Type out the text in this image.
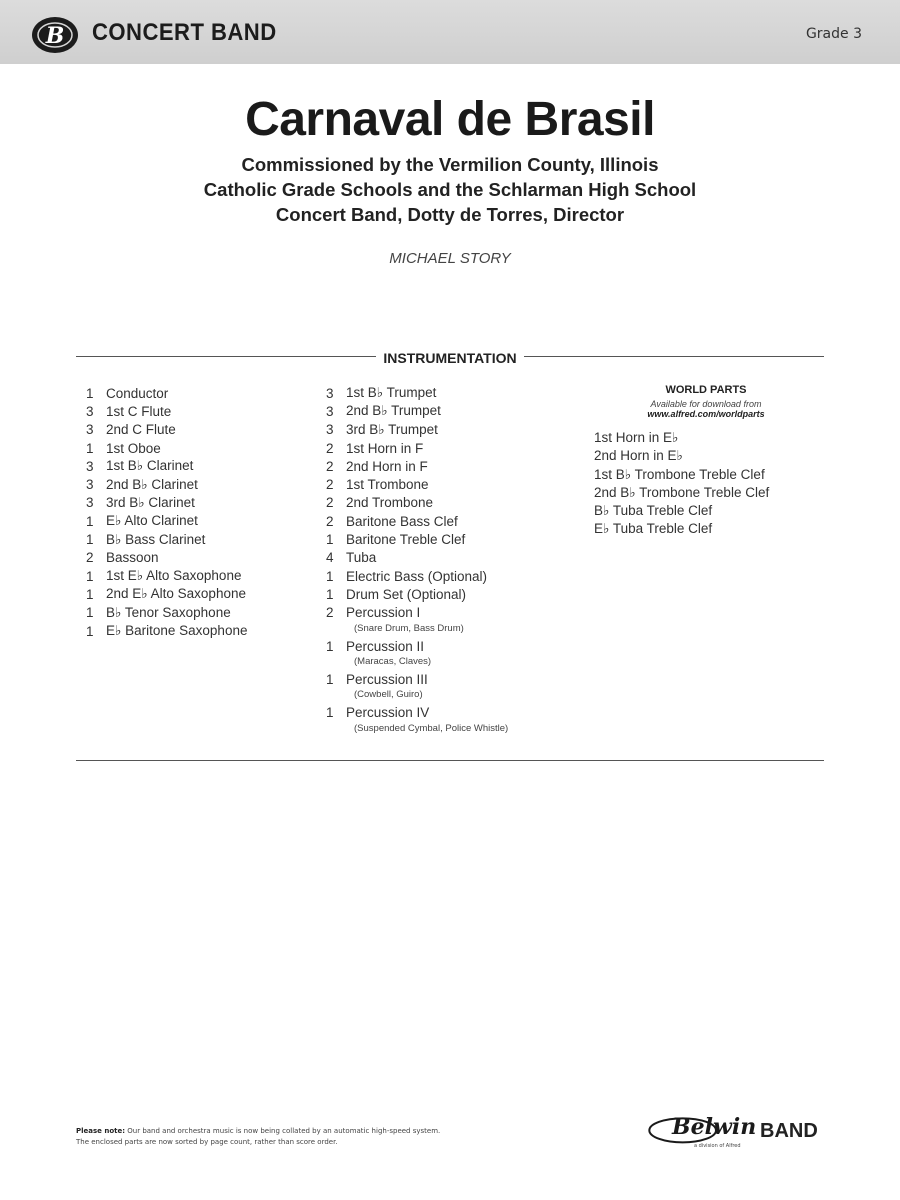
B CONCERT BAND	Grade 3
Carnaval de Brasil
Commissioned by the Vermilion County, Illinois
Catholic Grade Schools and the Schlarman High School
Concert Band, Dotty de Torres, Director
MICHAEL STORY
INSTRUMENTATION
1 Conductor
3 1st C Flute
3 2nd C Flute
1 1st Oboe
3 1st B♭ Clarinet
3 2nd B♭ Clarinet
3 3rd B♭ Clarinet
1 E♭ Alto Clarinet
1 B♭ Bass Clarinet
2 Bassoon
1 1st E♭ Alto Saxophone
1 2nd E♭ Alto Saxophone
1 B♭ Tenor Saxophone
1 E♭ Baritone Saxophone
3 1st B♭ Trumpet
3 2nd B♭ Trumpet
3 3rd B♭ Trumpet
2 1st Horn in F
2 2nd Horn in F
2 1st Trombone
2 2nd Trombone
2 Baritone Bass Clef
1 Baritone Treble Clef
4 Tuba
1 Electric Bass (Optional)
1 Drum Set (Optional)
2 Percussion I
(Snare Drum, Bass Drum)
1 Percussion II
(Maracas, Claves)
1 Percussion III
(Cowbell, Guiro)
1 Percussion IV
(Suspended Cymbal, Police Whistle)
WORLD PARTS
Available for download from
www.alfred.com/worldparts
1st Horn in E♭
2nd Horn in E♭
1st B♭ Trombone Treble Clef
2nd B♭ Trombone Treble Clef
B♭ Tuba Treble Clef
E♭ Tuba Treble Clef
Please note: Our band and orchestra music is now being collated by an automatic high-speed system.
The enclosed parts are now sorted by page count, rather than score order.
Belwin BAND
a division of Alfred
